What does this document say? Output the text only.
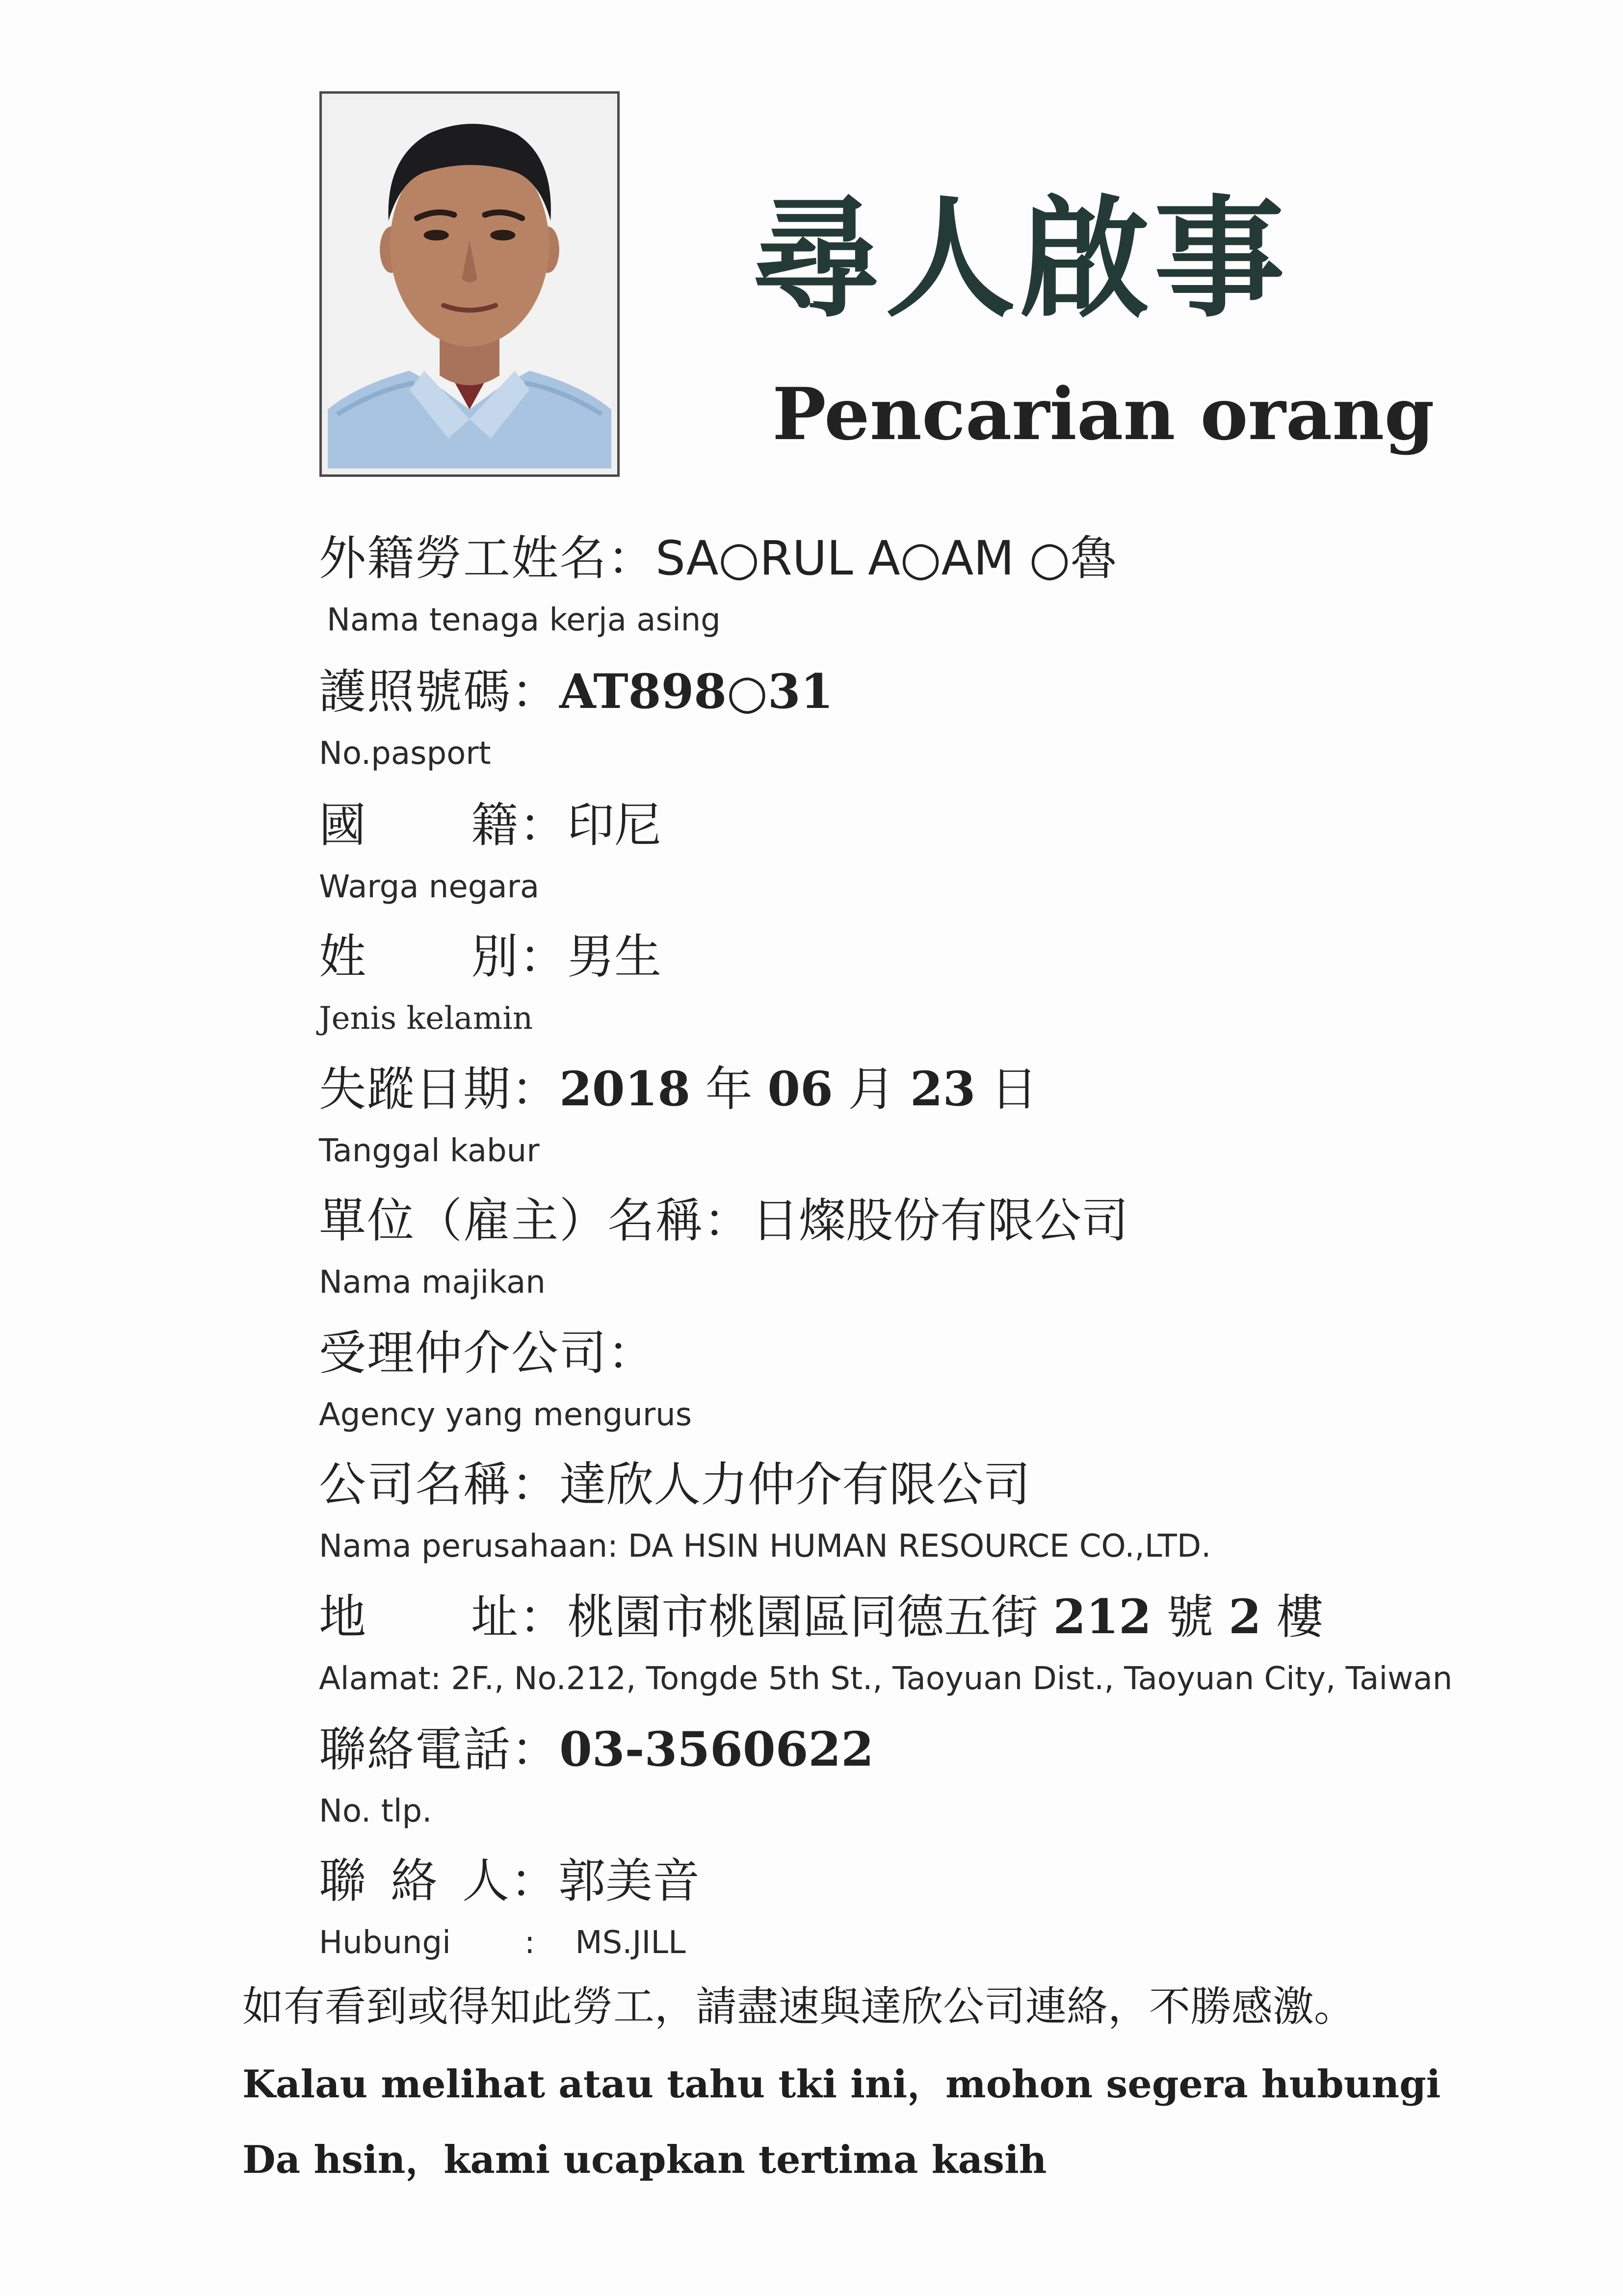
尋人啟事
Pencarian orang
外籍勞工姓名：SA○RUL A○AM ○魯
Nama tenaga kerja asing
護照號碼：AT898○31
No.pasport
國 籍：印尼
Warga negara
姓 別：男生
Jenis kelamin
失蹤日期：2018 年 06 月 23 日
Tanggal kabur
單位（雇主）名稱：日燦股份有限公司
Nama majikan
受理仲介公司：
Agency yang mengurus
公司名稱：達欣人力仲介有限公司
Nama perusahaan: DA HSIN HUMAN RESOURCE CO.,LTD.
地 址：桃園市桃園區同德五街 212 號 2 樓
Alamat: 2F., No.212, Tongde 5th St., Taoyuan Dist., Taoyuan City, Taiwan
聯絡電話：03-3560622
No. tlp.
聯 絡 人：郭美音
Hubungi : MS.JILL
如有看到或得知此勞工，請盡速與達欣公司連絡，不勝感激。
Kalau melihat atau tahu tki ini，mohon segera hubungi
Da hsin，kami ucapkan tertima kasih
